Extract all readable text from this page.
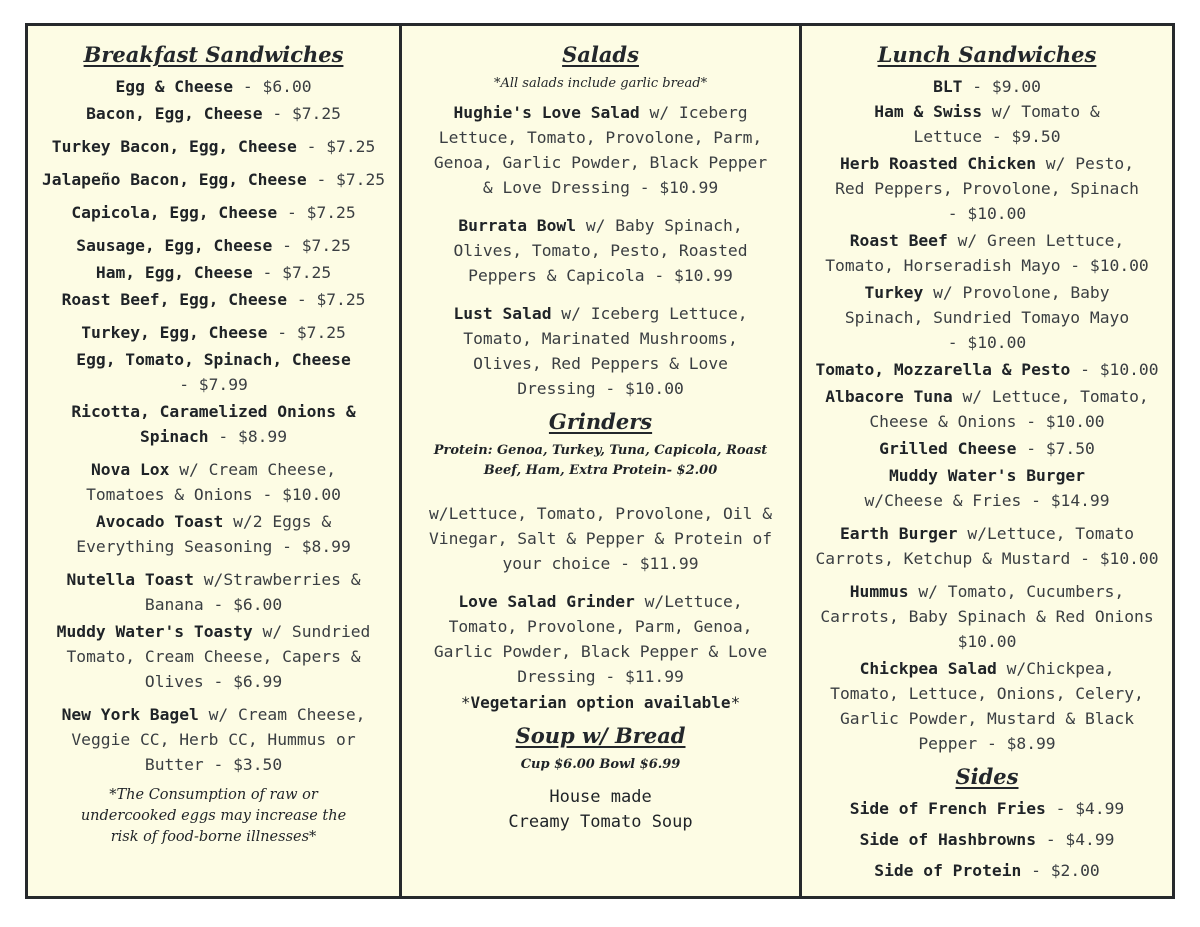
Breakfast Sandwiches
Egg & Cheese - $6.00
Bacon, Egg, Cheese - $7.25
Turkey Bacon, Egg, Cheese - $7.25
Jalapeño Bacon, Egg, Cheese - $7.25
Capicola, Egg, Cheese - $7.25
Sausage, Egg, Cheese - $7.25
Ham, Egg, Cheese - $7.25
Roast Beef, Egg, Cheese - $7.25
Turkey, Egg, Cheese - $7.25
Egg, Tomato, Spinach, Cheese - $7.99
Ricotta, Caramelized Onions & Spinach - $8.99
Nova Lox w/ Cream Cheese, Tomatoes & Onions - $10.00
Avocado Toast w/2 Eggs & Everything Seasoning - $8.99
Nutella Toast w/Strawberries & Banana - $6.00
Muddy Water's Toasty w/ Sundried Tomato, Cream Cheese, Capers & Olives - $6.99
New York Bagel w/ Cream Cheese, Veggie CC, Herb CC, Hummus or Butter - $3.50
*The Consumption of raw or undercooked eggs may increase the risk of food-borne illnesses*
Salads
*All salads include garlic bread*
Hughie's Love Salad w/ Iceberg Lettuce, Tomato, Provolone, Parm, Genoa, Garlic Powder, Black Pepper & Love Dressing - $10.99
Burrata Bowl w/ Baby Spinach, Olives, Tomato, Pesto, Roasted Peppers & Capicola - $10.99
Lust Salad w/ Iceberg Lettuce, Tomato, Marinated Mushrooms, Olives, Red Peppers & Love Dressing - $10.00
Grinders
Protein: Genoa, Turkey, Tuna, Capicola, Roast Beef, Ham, Extra Protein- $2.00
w/Lettuce, Tomato, Provolone, Oil & Vinegar, Salt & Pepper & Protein of your choice - $11.99
Love Salad Grinder w/Lettuce, Tomato, Provolone, Parm, Genoa, Garlic Powder, Black Pepper & Love Dressing - $11.99
*Vegetarian option available*
Soup w/ Bread
Cup $6.00 Bowl $6.99
House made
Creamy Tomato Soup
Lunch Sandwiches
BLT - $9.00
Ham & Swiss w/ Tomato & Lettuce - $9.50
Herb Roasted Chicken w/ Pesto, Red Peppers, Provolone, Spinach - $10.00
Roast Beef w/ Green Lettuce, Tomato, Horseradish Mayo - $10.00
Turkey w/ Provolone, Baby Spinach, Sundried Tomayo Mayo - $10.00
Tomato, Mozzarella & Pesto - $10.00
Albacore Tuna w/ Lettuce, Tomato, Cheese & Onions - $10.00
Grilled Cheese - $7.50
Muddy Water's Burger w/Cheese & Fries - $14.99
Earth Burger w/Lettuce, Tomato Carrots, Ketchup & Mustard - $10.00
Hummus w/ Tomato, Cucumbers, Carrots, Baby Spinach & Red Onions $10.00
Chickpea Salad w/Chickpea, Tomato, Lettuce, Onions, Celery, Garlic Powder, Mustard & Black Pepper - $8.99
Sides
Side of French Fries - $4.99
Side of Hashbrowns - $4.99
Side of Protein - $2.00
